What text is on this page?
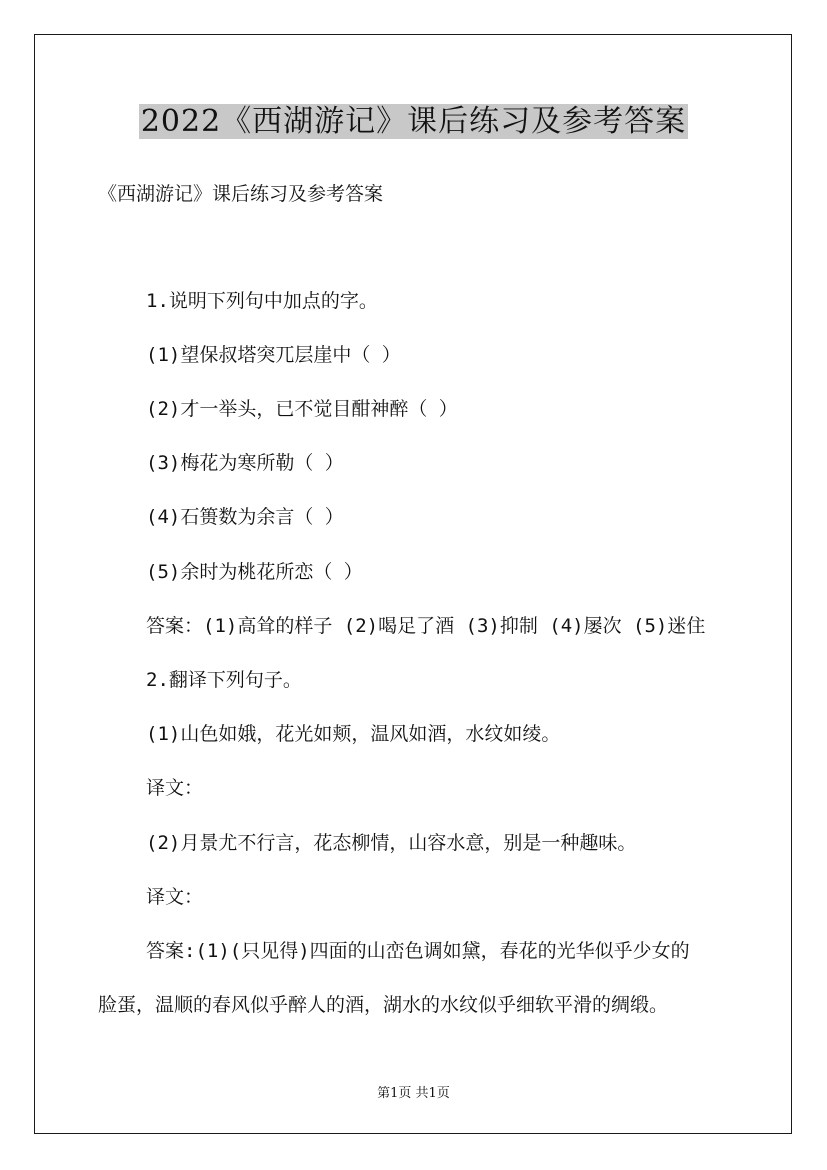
2022《西湖游记》课后练习及参考答案
《西湖游记》课后练习及参考答案
1.说明下列句中加点的字。
(1)望保叔塔突兀层崖中（ ）
(2)才一举头，已不觉目酣神醉（ ）
(3)梅花为寒所勒（ ）
(4)石篑数为余言（ ）
(5)余时为桃花所恋（ ）
答案：(1)高耸的样子 (2)喝足了酒 (3)抑制 (4)屡次 (5)迷住
2.翻译下列句子。
(1)山色如娥，花光如颊，温风如酒，水纹如绫。
译文：
(2)月景尤不行言，花态柳情，山容水意，别是一种趣味。
译文：
答案:(1)(只见得)四面的山峦色调如黛，春花的光华似乎少女的
脸蛋，温顺的春风似乎醉人的酒，湖水的水纹似乎细软平滑的绸缎。
第1页 共1页
